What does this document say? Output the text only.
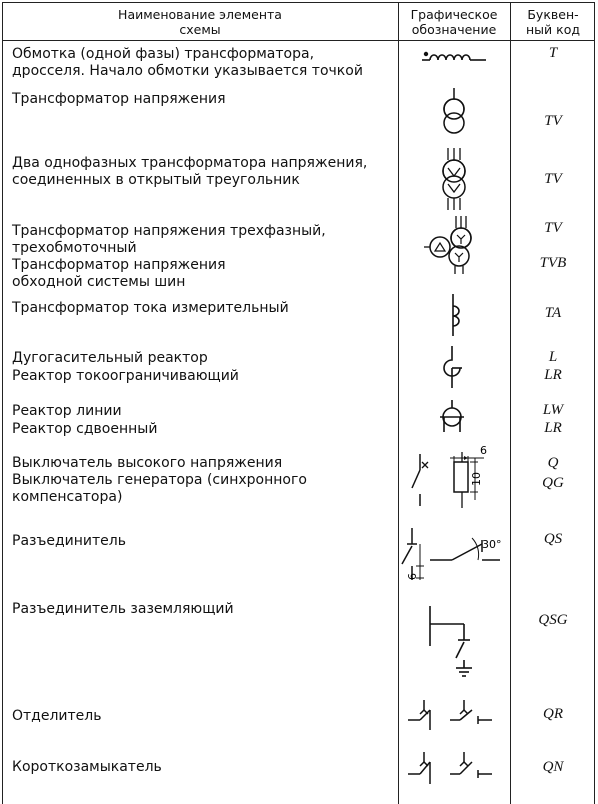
Наименование элемента
схемы
Графическое
обозначение
Буквен-
ный код
Обмотка (одной фазы) трансформатора,
дросселя. Начало обмотки указывается точкой
Трансформатор напряжения
Два однофазных трансформатора напряжения,
соединенных в открытый треугольник
Трансформатор напряжения трехфазный,
трехобмоточный
Трансформатор напряжения
обходной системы шин
Трансформатор тока измерительный
Дугогасительный реактор
Реактор токоограничивающий
Реактор линии
Реактор сдвоенный
Выключатель высокого напряжения
Выключатель генератора (синхронного
компенсатора)
Разъединитель
Разъединитель заземляющий
Отделитель
Короткозамыкатель
T
TV
TV
TV
TVB
TA
L
LR
LW
LR
Q
QG
QS
QSG
QR
QN
6
10
6
30°
